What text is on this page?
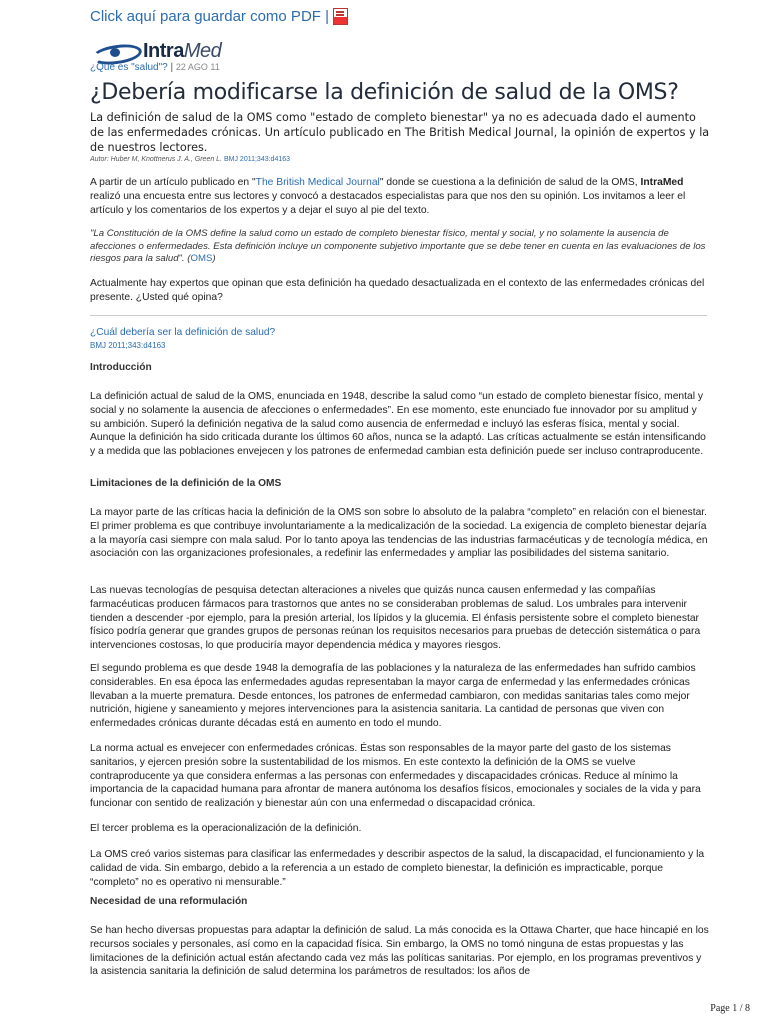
Click aquí para guardar como PDF |
IntraMed
¿Qué es "salud"? | 22 AGO 11
¿Debería modificarse la definición de salud de la OMS?

La definición de salud de la OMS como "estado de completo bienestar" ya no es adecuada dado el aumento de las enfermedades crónicas. Un artículo publicado en The British Medical Journal, la opinión de expertos y la de nuestros lectores.

Autor: Huber M, Knottnerus J. A., Green L. BMJ 2011;343:d4163

A partir de un artículo publicado en "The British Medical Journal" donde se cuestiona a la definición de salud de la OMS, IntraMed realizó una encuesta entre sus lectores y convocó a destacados especialistas para que nos den su opinión. Los invitamos a leer el artículo y los comentarios de los expertos y a dejar el suyo al pie del texto.

"La Constitución de la OMS define la salud como un estado de completo bienestar físico, mental y social, y no solamente la ausencia de afecciones o enfermedades. Esta definición incluye un componente subjetivo importante que se debe tener en cuenta en las evaluaciones de los riesgos para la salud". (OMS)

Actualmente hay expertos que opinan que esta definición ha quedado desactualizada en el contexto de las enfermedades crónicas del presente. ¿Usted qué opina?

¿Cuál debería ser la definición de salud?
BMJ 2011;343:d4163

Introducción

La definición actual de salud de la OMS, enunciada en 1948, describe la salud como “un estado de completo bienestar físico, mental y social y no solamente la ausencia de afecciones o enfermedades”. En ese momento, este enunciado fue innovador por su amplitud y su ambición. Superó la definición negativa de la salud como ausencia de enfermedad e incluyó las esferas física, mental y social. Aunque la definición ha sido criticada durante los últimos 60 años, nunca se la adaptó. Las críticas actualmente se están intensificando y a medida que las poblaciones envejecen y los patrones de enfermedad cambian esta definición puede ser incluso contraproducente.

Limitaciones de la definición de la OMS

La mayor parte de las críticas hacia la definición de la OMS son sobre lo absoluto de la palabra “completo” en relación con el bienestar. El primer problema es que contribuye involuntariamente a la medicalización de la sociedad. La exigencia de completo bienestar dejaría a la mayoría casi siempre con mala salud. Por lo tanto apoya las tendencias de las industrias farmacéuticas y de tecnología médica, en asociación con las organizaciones profesionales, a redefinir las enfermedades y ampliar las posibilidades del sistema sanitario.

Las nuevas tecnologías de pesquisa detectan alteraciones a niveles que quizás nunca causen enfermedad y las compañías farmacéuticas producen fármacos para trastornos que antes no se consideraban problemas de salud. Los umbrales para intervenir tienden a descender -por ejemplo, para la presión arterial, los lípidos y la glucemia. El énfasis persistente sobre el completo bienestar físico podría generar que grandes grupos de personas reúnan los requisitos necesarios para pruebas de detección sistemática o para intervenciones costosas, lo que produciría mayor dependencia médica y mayores riesgos.

El segundo problema es que desde 1948 la demografía de las poblaciones y la naturaleza de las enfermedades han sufrido cambios considerables. En esa época las enfermedades agudas representaban la mayor carga de enfermedad y las enfermedades crónicas llevaban a la muerte prematura. Desde entonces, los patrones de enfermedad cambiaron, con medidas sanitarias tales como mejor nutrición, higiene y saneamiento y mejores intervenciones para la asistencia sanitaria. La cantidad de personas que viven con enfermedades crónicas durante décadas está en aumento en todo el mundo.

La norma actual es envejecer con enfermedades crónicas. Éstas son responsables de la mayor parte del gasto de los sistemas sanitarios, y ejercen presión sobre la sustentabilidad de los mismos. En este contexto la definición de la OMS se vuelve contraproducente ya que considera enfermas a las personas con enfermedades y discapacidades crónicas. Reduce al mínimo la importancia de la capacidad humana para afrontar de manera autónoma los desafíos físicos, emocionales y sociales de la vida y para funcionar con sentido de realización y bienestar aún con una enfermedad o discapacidad crónica.

El tercer problema es la operacionalización de la definición.

La OMS creó varios sistemas para clasificar las enfermedades y describir aspectos de la salud, la discapacidad, el funcionamiento y la calidad de vida. Sin embargo, debido a la referencia a un estado de completo bienestar, la definición es impracticable, porque “completo” no es operativo ni mensurable.”

Necesidad de una reformulación

Se han hecho diversas propuestas para adaptar la definición de salud. La más conocida es la Ottawa Charter, que hace hincapié en los recursos sociales y personales, así como en la capacidad física. Sin embargo, la OMS no tomó ninguna de estas propuestas y las limitaciones de la definición actual están afectando cada vez más las políticas sanitarias. Por ejemplo, en los programas preventivos y la asistencia sanitaria la definición de salud determina los parámetros de resultados: los años de

Page 1 / 8
